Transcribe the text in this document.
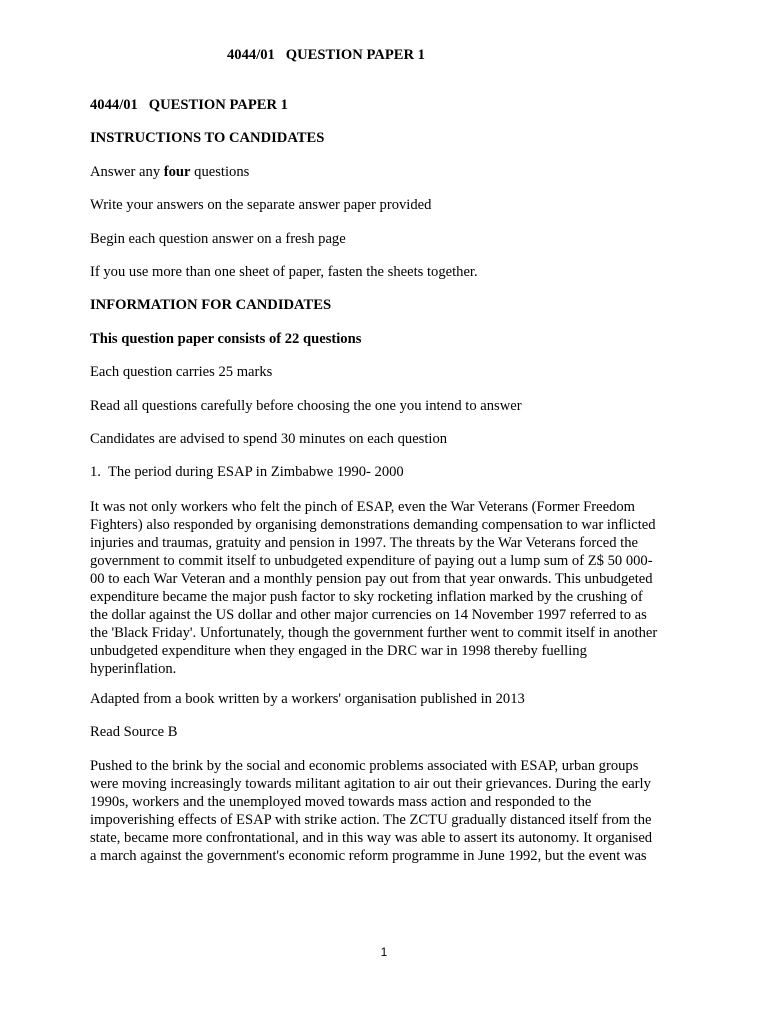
4044/01   QUESTION PAPER 1
4044/01   QUESTION PAPER 1
INSTRUCTIONS TO CANDIDATES
Answer any four questions
Write your answers on the separate answer paper provided
Begin each question answer on a fresh page
If you use more than one sheet of paper, fasten the sheets together.
INFORMATION FOR CANDIDATES
This question paper consists of 22 questions
Each question carries 25 marks
Read all questions carefully before choosing the one you intend to answer
Candidates are advised to spend 30 minutes on each question
1.  The period during ESAP in Zimbabwe 1990- 2000
It was not only workers who felt the pinch of ESAP, even the War Veterans (Former Freedom
Fighters) also responded by organising demonstrations demanding compensation to war inflicted
injuries and traumas, gratuity and pension in 1997. The threats by the War Veterans forced the
government to commit itself to unbudgeted expenditure of paying out a lump sum of Z$ 50 000-
00 to each War Veteran and a monthly pension pay out from that year onwards. This unbudgeted
expenditure became the major push factor to sky rocketing inflation marked by the crushing of
the dollar against the US dollar and other major currencies on 14 November 1997 referred to as
the 'Black Friday'. Unfortunately, though the government further went to commit itself in another
unbudgeted expenditure when they engaged in the DRC war in 1998 thereby fuelling
hyperinflation.
Adapted from a book written by a workers' organisation published in 2013
Read Source B
Pushed to the brink by the social and economic problems associated with ESAP, urban groups
were moving increasingly towards militant agitation to air out their grievances. During the early
1990s, workers and the unemployed moved towards mass action and responded to the
impoverishing effects of ESAP with strike action. The ZCTU gradually distanced itself from the
state, became more confrontational, and in this way was able to assert its autonomy. It organised
a march against the government's economic reform programme in June 1992, but the event was
1
